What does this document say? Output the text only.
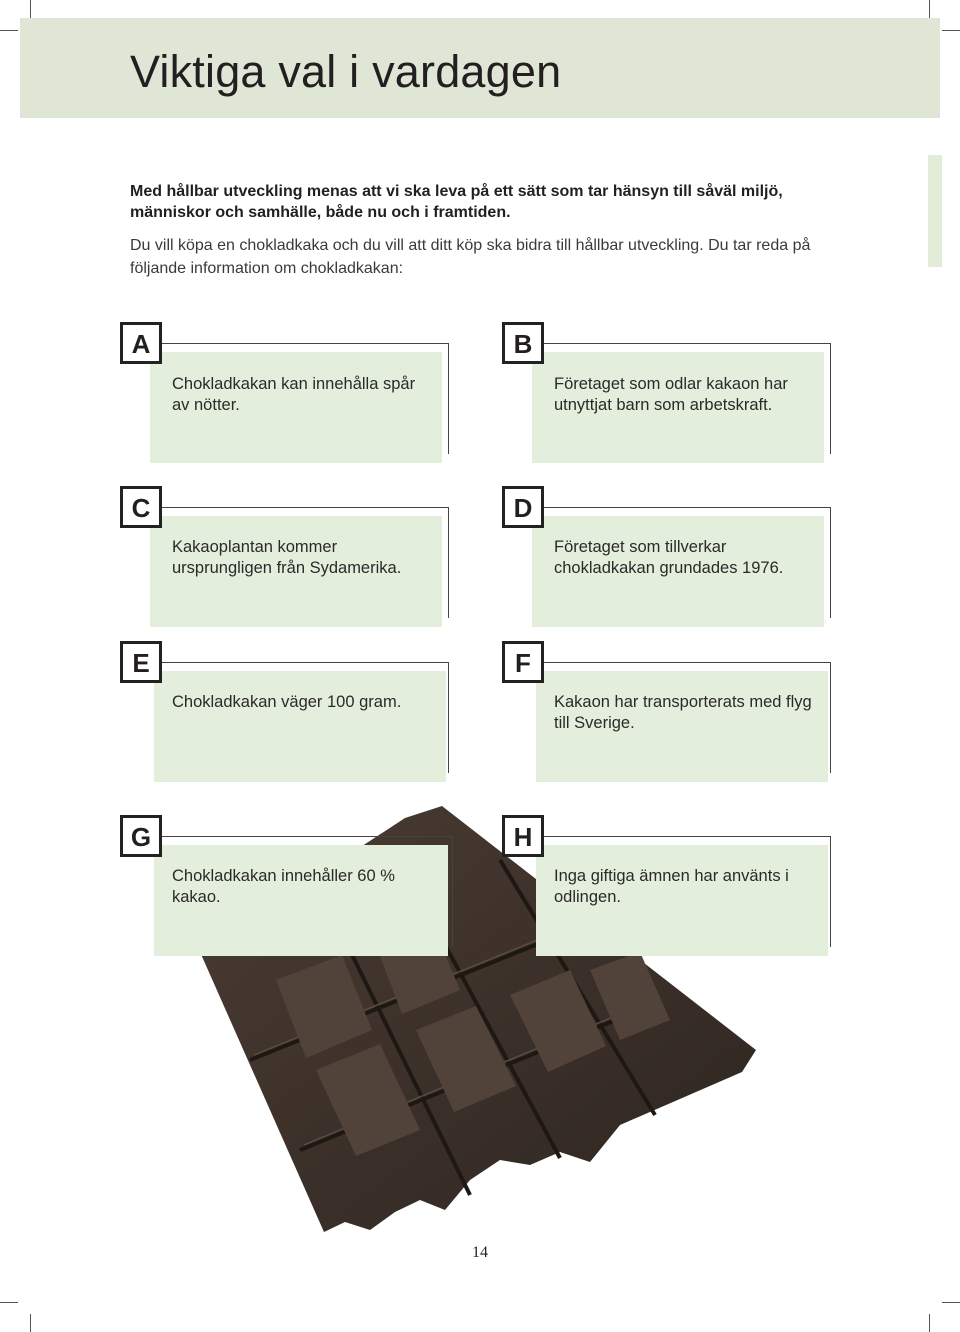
Viktiga val i vardagen

Med hållbar utveckling menas att vi ska leva på ett sätt som tar hänsyn till såväl miljö, människor och samhälle, både nu och i framtiden.

Du vill köpa en chokladkaka och du vill att ditt köp ska bidra till hållbar utveckling. Du tar reda på följande information om chokladkakan:

A

Chokladkakan kan innehålla spår av nötter.

B

Företaget som odlar kakaon har utnyttjat barn som arbetskraft.

C

Kakaoplantan kommer ursprungligen från Sydamerika.

D

Företaget som tillverkar chokladkakan grundades 1976.

E

Chokladkakan väger 100 gram.

F

Kakaon har transporterats med flyg till Sverige.

G

Chokladkakan innehåller 60 % kakao.

H

Inga giftiga ämnen har använts i odlingen.

14
